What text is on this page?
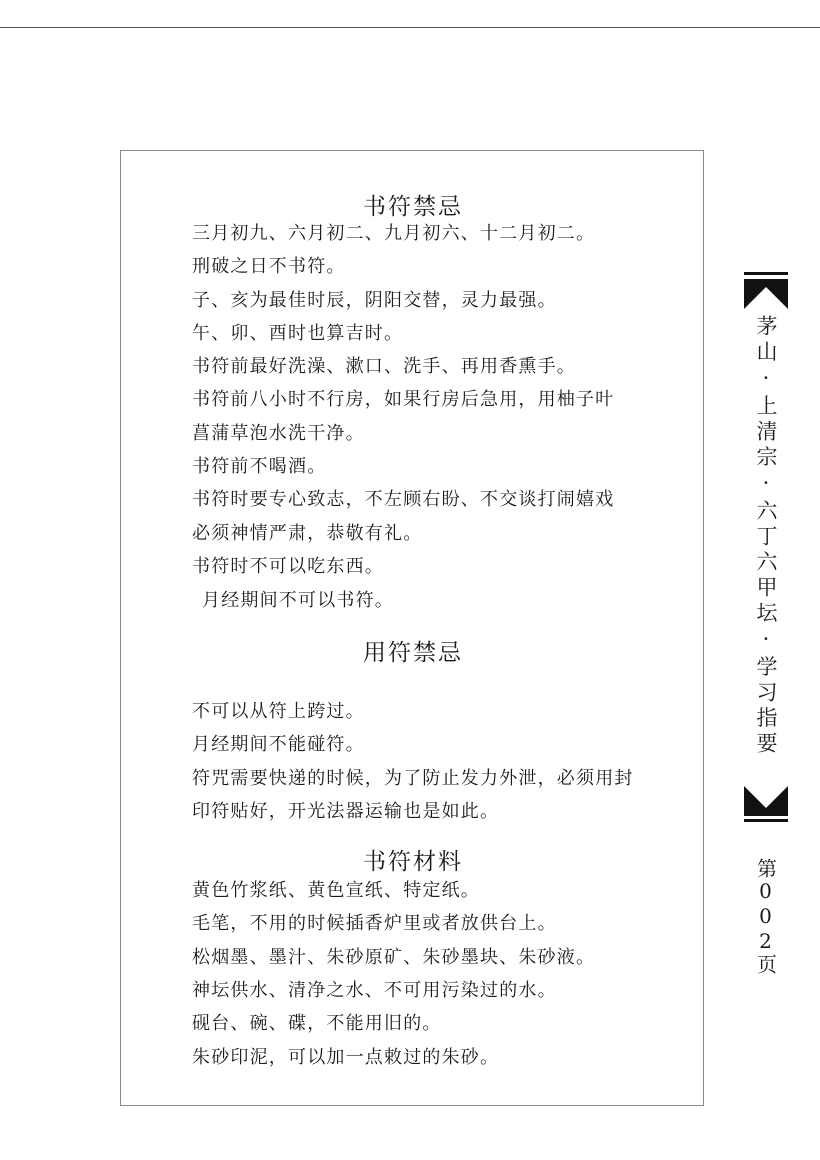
书符禁忌
三月初九、六月初二、九月初六、十二月初二。
刑破之日不书符。
子、亥为最佳时辰，阴阳交替，灵力最强。
午、卯、酉时也算吉时。
书符前最好洗澡、漱口、洗手、再用香熏手。
书符前八小时不行房，如果行房后急用，用柚子叶
菖蒲草泡水洗干净。
书符前不喝酒。
书符时要专心致志，不左顾右盼、不交谈打闹嬉戏
必须神情严肃，恭敬有礼。
书符时不可以吃东西。
月经期间不可以书符。
用符禁忌
不可以从符上跨过。
月经期间不能碰符。
符咒需要快递的时候，为了防止发力外泄，必须用封
印符贴好，开光法器运输也是如此。
书符材料
黄色竹浆纸、黄色宣纸、特定纸。
毛笔，不用的时候插香炉里或者放供台上。
松烟墨、墨汁、朱砂原矿、朱砂墨块、朱砂液。
神坛供水、清净之水、不可用污染过的水。
砚台、碗、碟，不能用旧的。
朱砂印泥，可以加一点敕过的朱砂。
茅山·上清宗·六丁六甲坛·学习指要
第002页
